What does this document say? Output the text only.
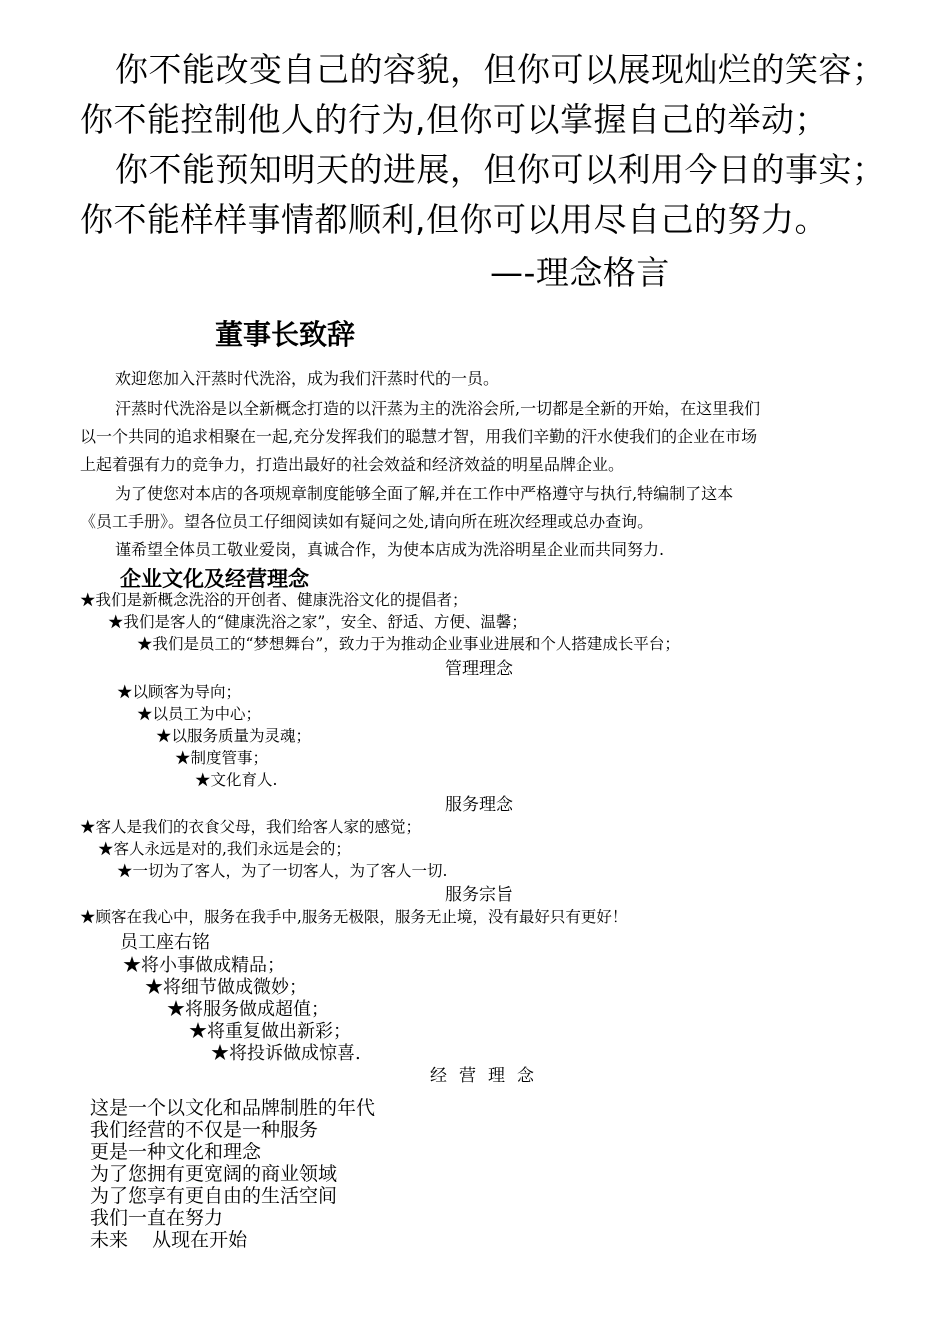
你不能改变自己的容貌，但你可以展现灿烂的笑容；
你不能控制他人的行为,但你可以掌握自己的举动；
你不能预知明天的进展，但你可以利用今日的事实；
你不能样样事情都顺利,但你可以用尽自己的努力。
—-理念格言
董事长致辞
欢迎您加入汗蒸时代洗浴，成为我们汗蒸时代的一员。
汗蒸时代洗浴是以全新概念打造的以汗蒸为主的洗浴会所,一切都是全新的开始，在这里我们
以一个共同的追求相聚在一起,充分发挥我们的聪慧才智，用我们辛勤的汗水使我们的企业在市场
上起着强有力的竞争力，打造出最好的社会效益和经济效益的明星品牌企业。
为了使您对本店的各项规章制度能够全面了解,并在工作中严格遵守与执行,特编制了这本
《员工手册》。望各位员工仔细阅读如有疑问之处,请向所在班次经理或总办查询。
谨希望全体员工敬业爱岗，真诚合作，为使本店成为洗浴明星企业而共同努力.
企业文化及经营理念
★我们是新概念洗浴的开创者、健康洗浴文化的提倡者；
★我们是客人的“健康洗浴之家”，安全、舒适、方便、温馨；
★我们是员工的“梦想舞台”，致力于为推动企业事业进展和个人搭建成长平台；
管理理念
★以顾客为导向；
★以员工为中心；
★以服务质量为灵魂；
★制度管事；
★文化育人.
服务理念
★客人是我们的衣食父母，我们给客人家的感觉；
★客人永远是对的,我们永远是会的；
★一切为了客人，为了一切客人，为了客人一切.
服务宗旨
★顾客在我心中，服务在我手中,服务无极限，服务无止境，没有最好只有更好！
员工座右铭
★将小事做成精品；
★将细节做成微妙；
★将服务做成超值；
★将重复做出新彩；
★将投诉做成惊喜.
经营理念
这是一个以文化和品牌制胜的年代
我们经营的不仅是一种服务
更是一种文化和理念
为了您拥有更宽阔的商业领域
为了您享有更自由的生活空间
我们一直在努力
未来    从现在开始
